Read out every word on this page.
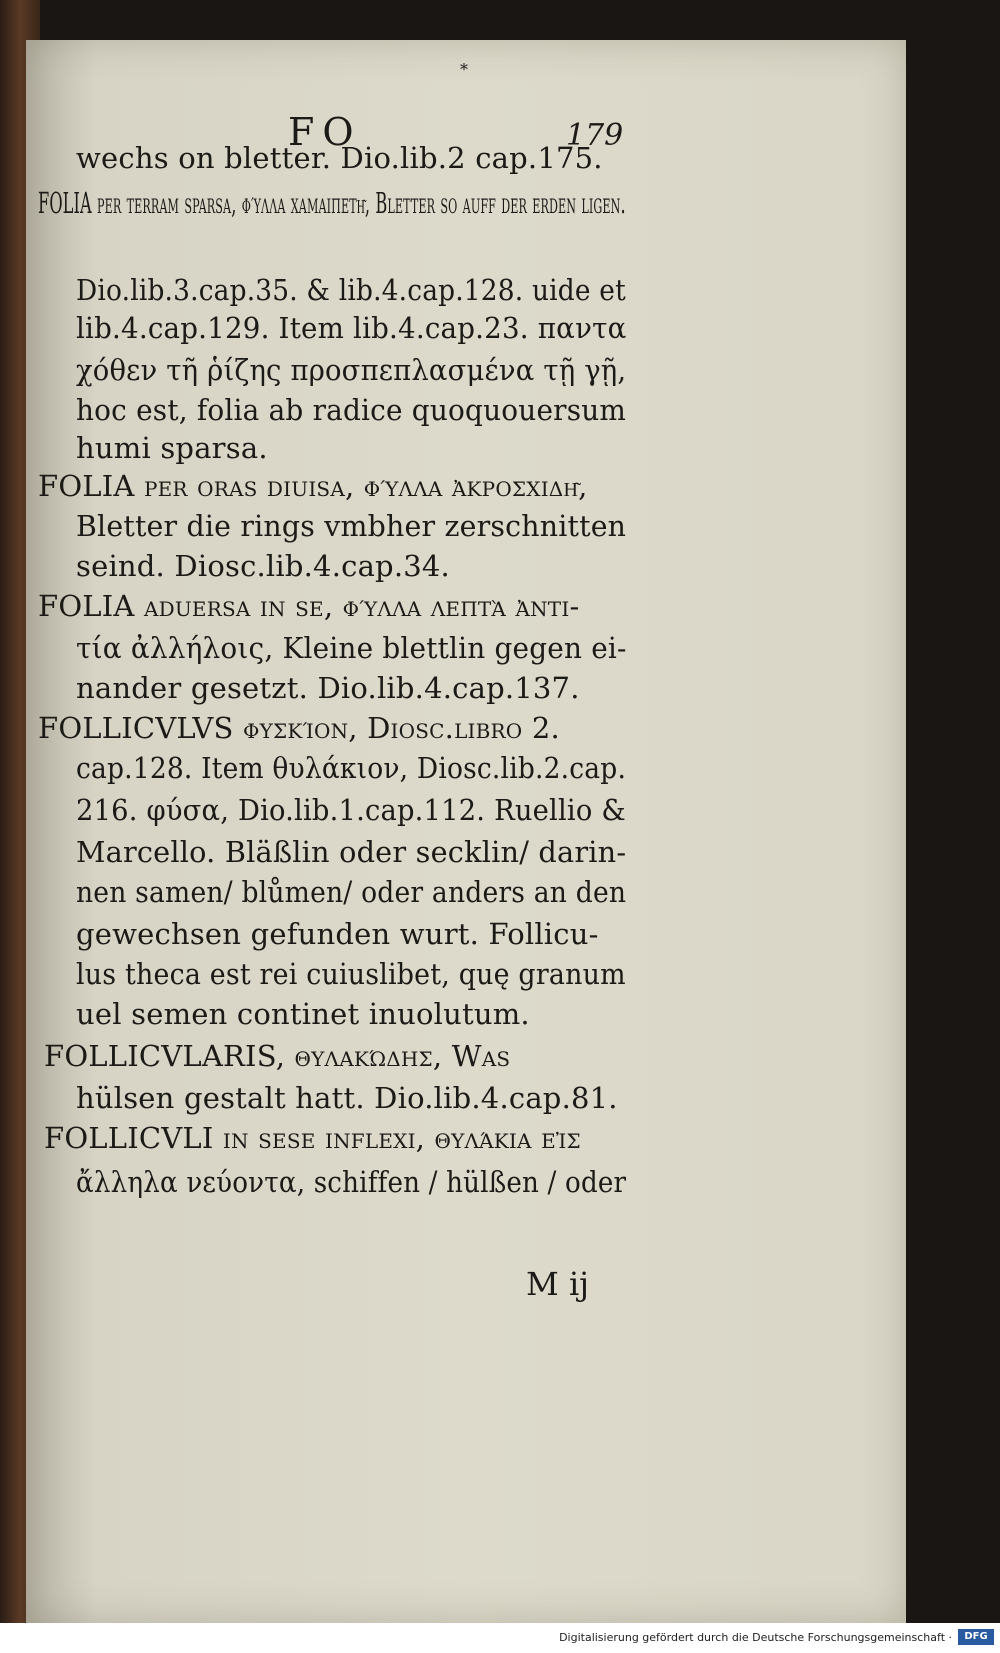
*
FO	179
wechs on bletter. Dio.lib.2 cap.175.
FOLIA per terram sparsa, φύλλα χαμαιπετῆ, Bletter so auff der erden ligen.
Dio.lib.3.cap.35. & lib.4.cap.128. uide et
lib.4.cap.129. Item lib.4.cap.23. παντα
χόθεν τῆ ῥίζης προσπεπλασμένα τῇ γῇ,
hoc est, folia ab radice quoquouersum
humi sparsa.
FOLIA per oras diuisa, φύλλα ἀκροσχιδῆ,
Bletter die rings vmbher zerschnitten
seind. Diosc.lib.4.cap.34.
FOLIA aduersa in se, φύλλα λεπτὰ ἀντι-
τία ἀλλήλοις, Kleine blettlin gegen ei-
nander gesetzt. Dio.lib.4.cap.137.
FOLLICVLVS φυσκίον, Diosc.libro 2.
cap.128. Item θυλάκιον, Diosc.lib.2.cap.
216. φύσα, Dio.lib.1.cap.112. Ruellio &
Marcello. Bläßlin oder secklin/ darin-
nen samen/ blůmen/ oder anders an den
gewechsen gefunden wurt. Follicu-
lus theca est rei cuiuslibet, quę granum
uel semen continet inuolutum.
FOLLICVLARIS, θυλακώδης, Was
hülsen gestalt hatt. Dio.lib.4.cap.81.
FOLLICVLI in sese inflexi, θυλάκια εἰς
ἄλληλα νεύοντα, schiffen / hülßen / oder
M ij
Digitalisierung gefördert durch die Deutsche Forschungsgemeinschaft ·	DFG
